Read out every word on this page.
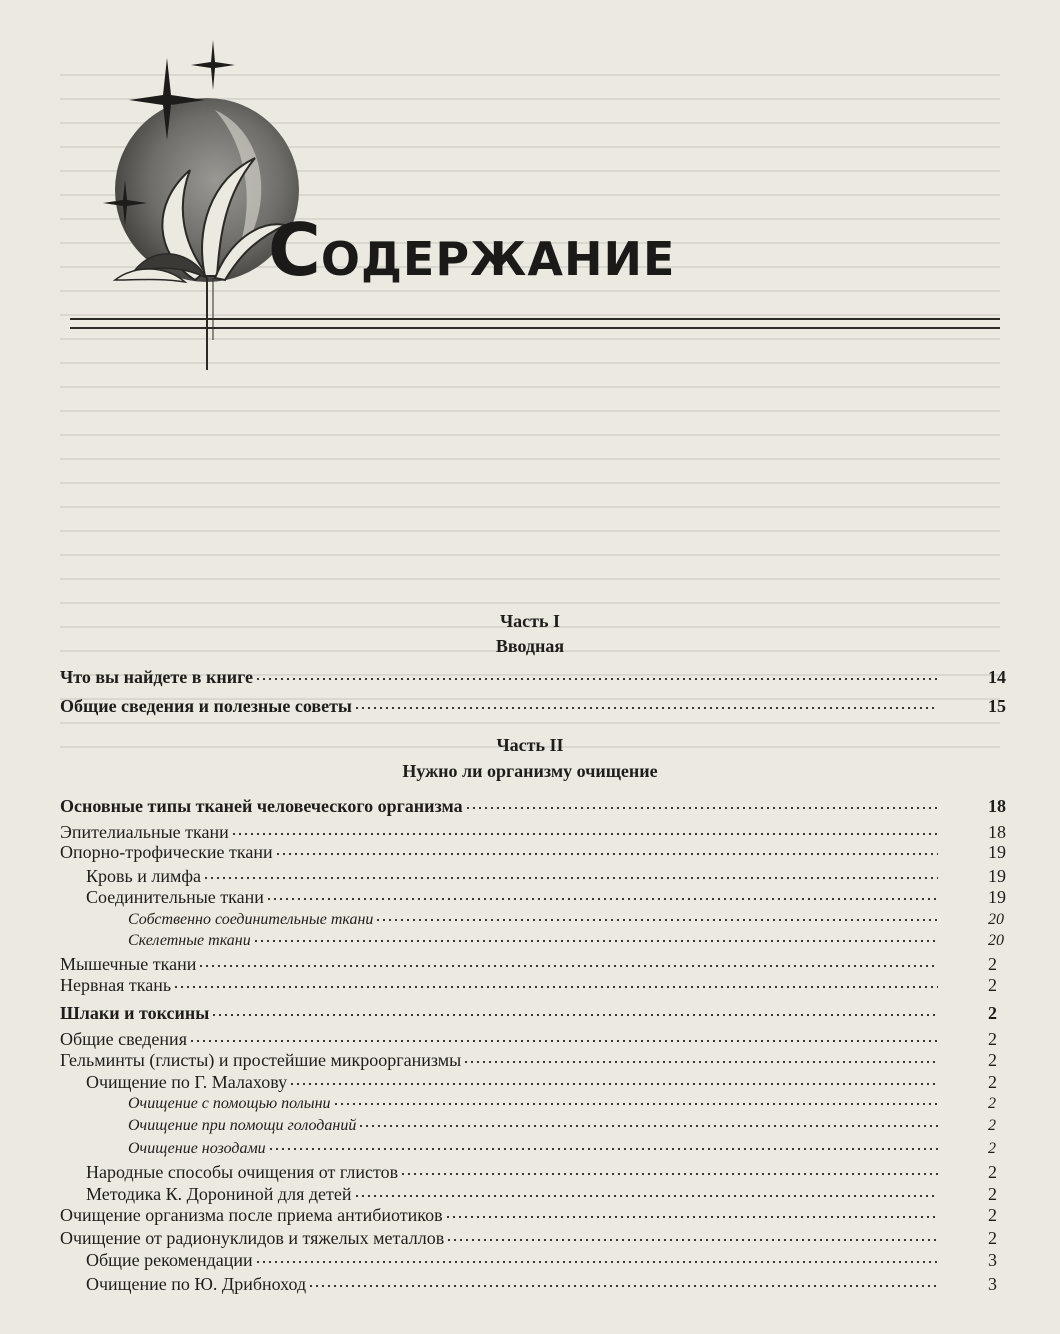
СОДЕРЖАНИЕ
Часть I
Вводная
Что вы найдете в книге	14
Общие сведения и полезные советы	15
Часть II
Нужно ли организму очищение
Основные типы тканей человеческого организма	18
Эпителиальные ткани	18
Опорно-трофические ткани	19
Кровь и лимфа	19
Соединительные ткани	19
Собственно соединительные ткани	20
Скелетные ткани	20
Мышечные ткани	2
Нервная ткань	2
Шлаки и токсины	2
Общие сведения	2
Гельминты (глисты) и простейшие микроорганизмы	2
Очищение по Г. Малахову	2
Очищение с помощью полыни	2
Очищение при помощи голоданий	2
Очищение нозодами	2
Народные способы очищения от глистов	2
Методика К. Дорониной для детей	2
Очищение организма после приема антибиотиков	2
Очищение от радионуклидов и тяжелых металлов	2
Общие рекомендации	3
Очищение по Ю. Дрибноход	3
